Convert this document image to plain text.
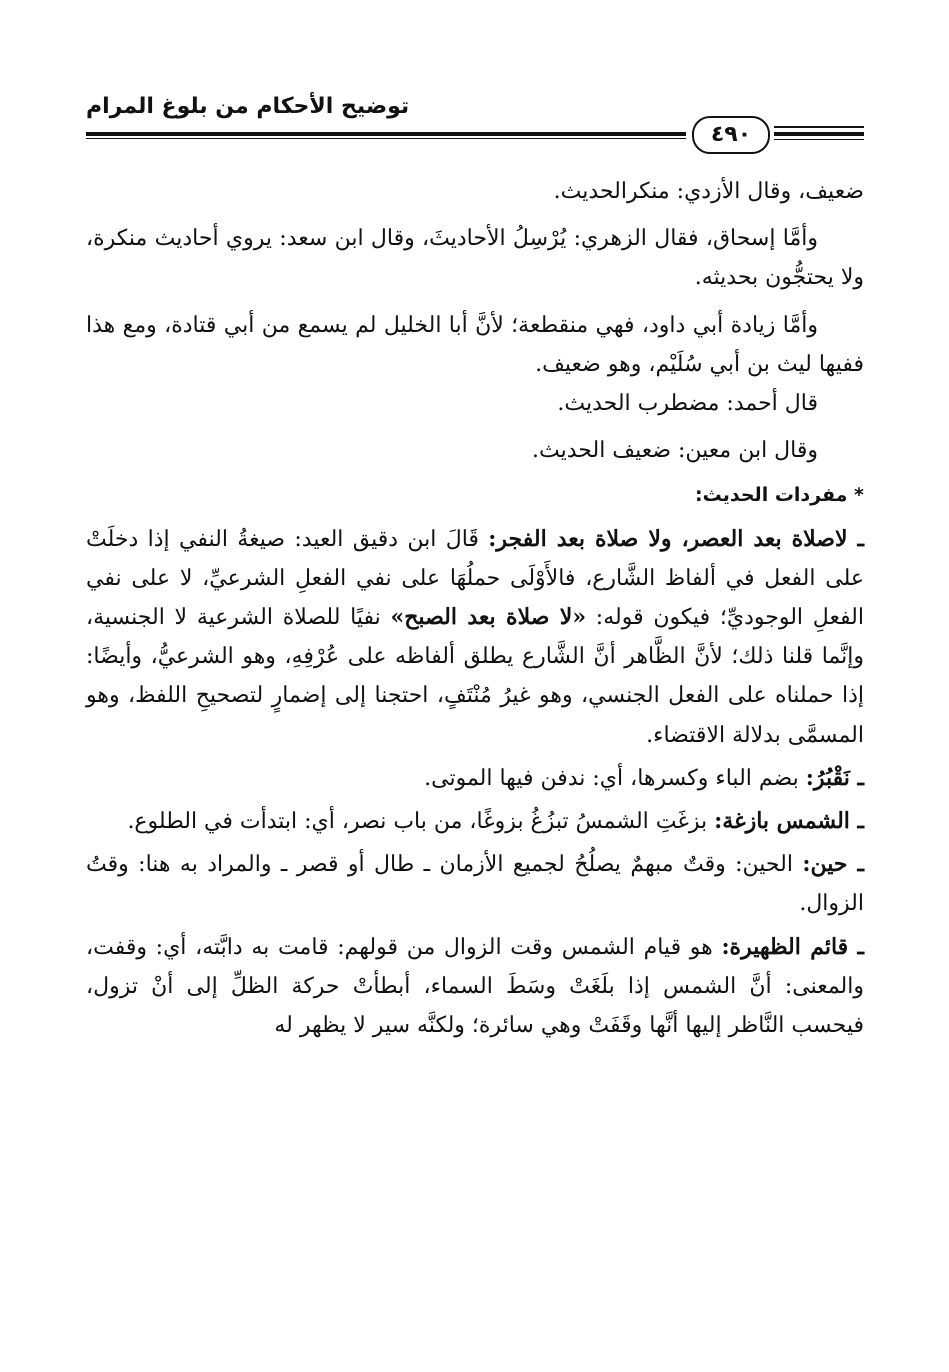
توضيح الأحكام من بلوغ المرام
٤٩٠

ضعيف، وقال الأزدي: منكرالحديث.

وأمَّا إسحاق، فقال الزهري: يُرْسِلُ الأحاديثَ، وقال ابن سعد: يروي أحاديث منكرة، ولا يحتجُّون بحديثه.

وأمَّا زيادة أبي داود، فهي منقطعة؛ لأنَّ أبا الخليل لم يسمع من أبي قتادة، ومع هذا ففيها ليث بن أبي سُلَيْم، وهو ضعيف.

قال أحمد: مضطرب الحديث.

وقال ابن معين: ضعيف الحديث.

* مفردات الحديث:

ـ لاصلاة بعد العصر، ولا صلاة بعد الفجر: قَالَ ابن دقيق العيد: صيغةُ النفي إذا دخلَتْ على الفعل في ألفاظ الشَّارع، فالأَوْلَى حملُهَا على نفي الفعلِ الشرعيِّ، لا على نفي الفعلِ الوجوديِّ؛ فيكون قوله: «لا صلاة بعد الصبح» نفيًا للصلاة الشرعية لا الجنسية، وإنَّما قلنا ذلك؛ لأنَّ الظَّاهر أنَّ الشَّارع يطلق ألفاظه على عُرْفِهِ، وهو الشرعيُّ، وأيضًا: إذا حملناه على الفعل الجنسي، وهو غيرُ مُنْتَفٍ، احتجنا إلى إضمارٍ لتصحيحِ اللفظ، وهو المسمَّى بدلالة الاقتضاء.

ـ نَقْبُرُ: بضم الباء وكسرها، أي: ندفن فيها الموتى.

ـ الشمس بازغة: بزغَتِ الشمسُ تبزُغُ بزوغًا، من باب نصر، أي: ابتدأت في الطلوع.

ـ حين: الحين: وقتٌ مبهمٌ يصلُحُ لجميع الأزمان ـ طال أو قصر ـ والمراد به هنا: وقتُ الزوال.

ـ قائم الظهيرة: هو قيام الشمس وقت الزوال من قولهم: قامت به دابَّته، أي: وقفت، والمعنى: أنَّ الشمس إذا بلَغَتْ وسَطَ السماء، أبطأتْ حركة الظلِّ إلى أنْ تزول، فيحسب النَّاظر إليها أنَّها وقَفَتْ وهي سائرة؛ ولكنَّه سير لا يظهر له
